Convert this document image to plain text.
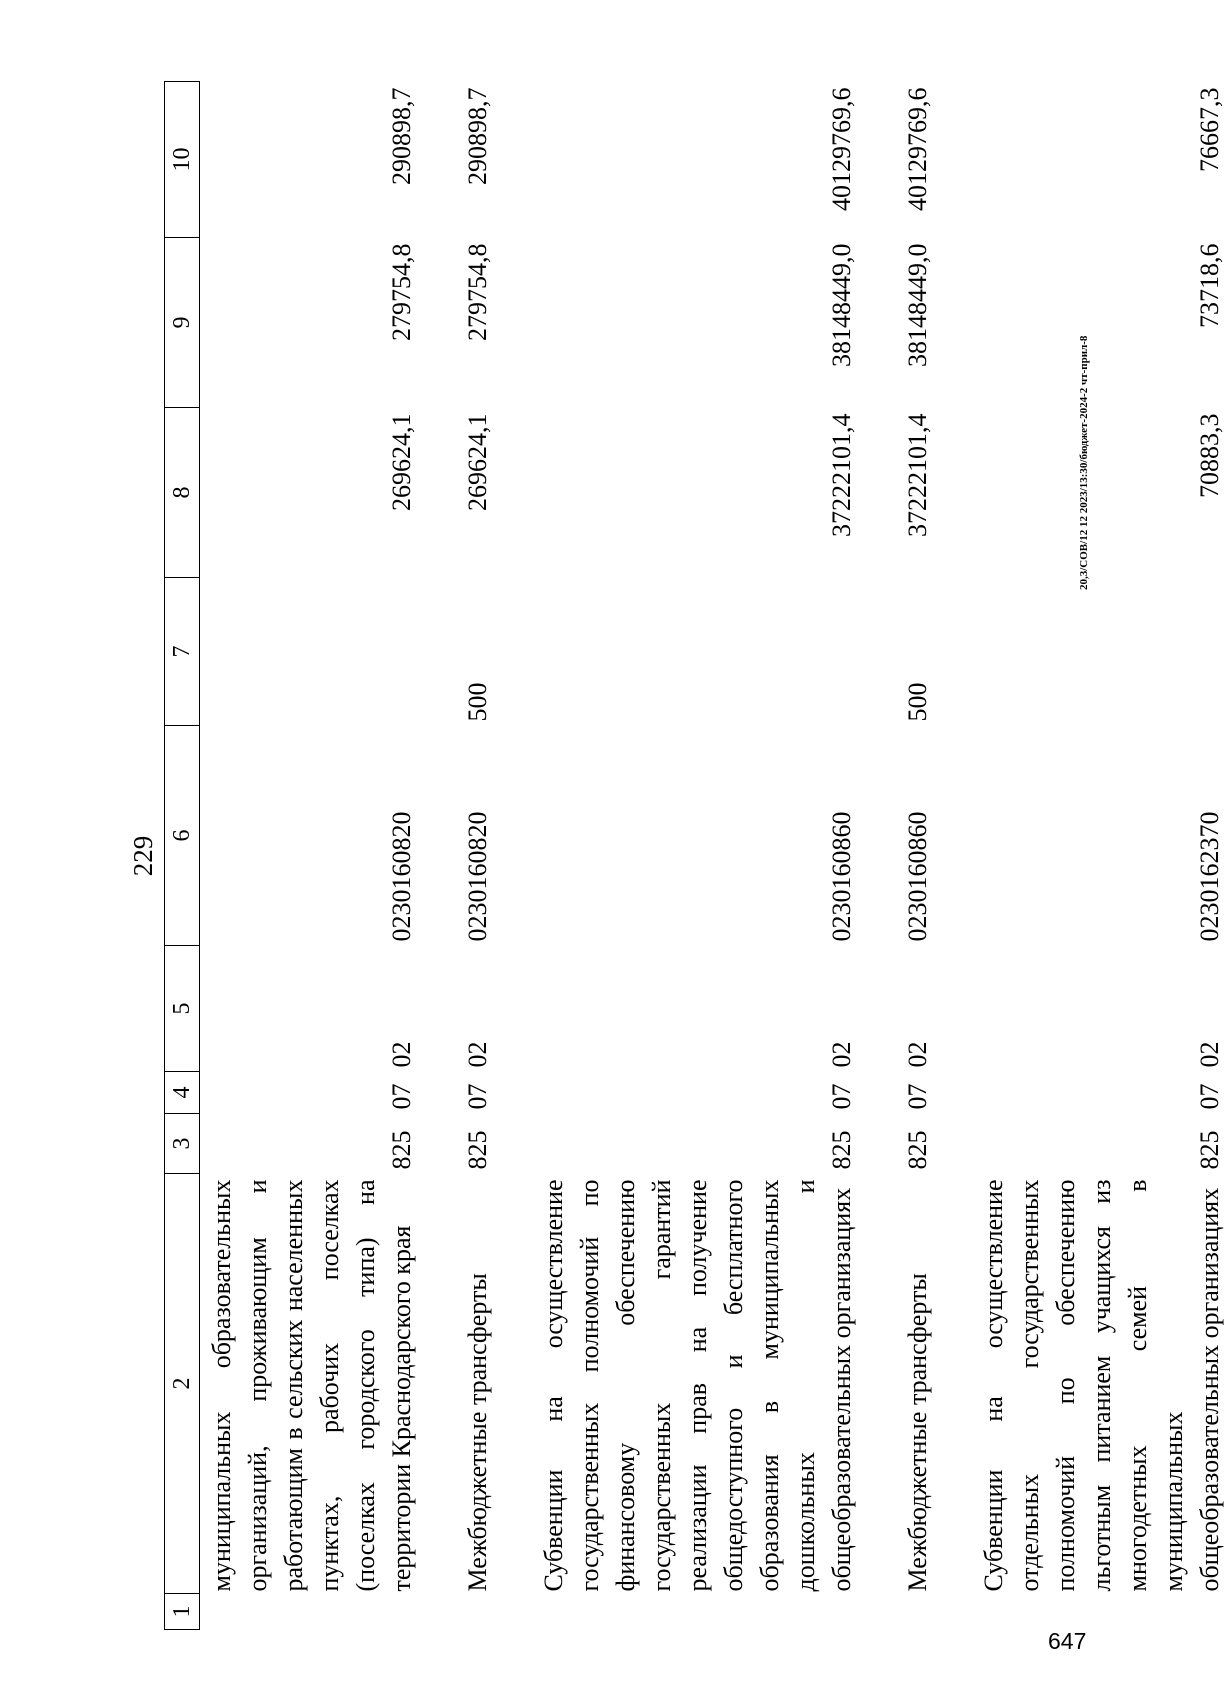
229
1	2	3	4	5	6	7	8	9	10
	муниципальных образовательных организаций, проживающим и работающим в сельских населенных пунктах, рабочих поселках (поселках городского типа) на территории Краснодарского края	825	07	02	0230160820		269624,1	279754,8	290898,7

	Межбюджетные трансферты	825	07	02	0230160820	500	269624,1	279754,8	290898,7

	Субвенции на осуществление государственных полномочий по финансовому обеспечению государственных гарантий реализации прав на получение общедоступного и бесплатного образования в муниципальных дошкольных и общеобразовательных организациях	825	07	02	0230160860		37222101,4	38148449,0	40129769,6

	Межбюджетные трансферты	825	07	02	0230160860	500	37222101,4	38148449,0	40129769,6

	Субвенции на осуществление отдельных государственных полномочий по обеспечению льготным питанием учащихся из многодетных семей в муниципальных общеобразовательных организациях	825	07	02	0230162370		70883,3	73718,6	76667,3
20,3/СОВ/12 12 2023/13:30/бюджет-2024-2 чт-прил-8
647
